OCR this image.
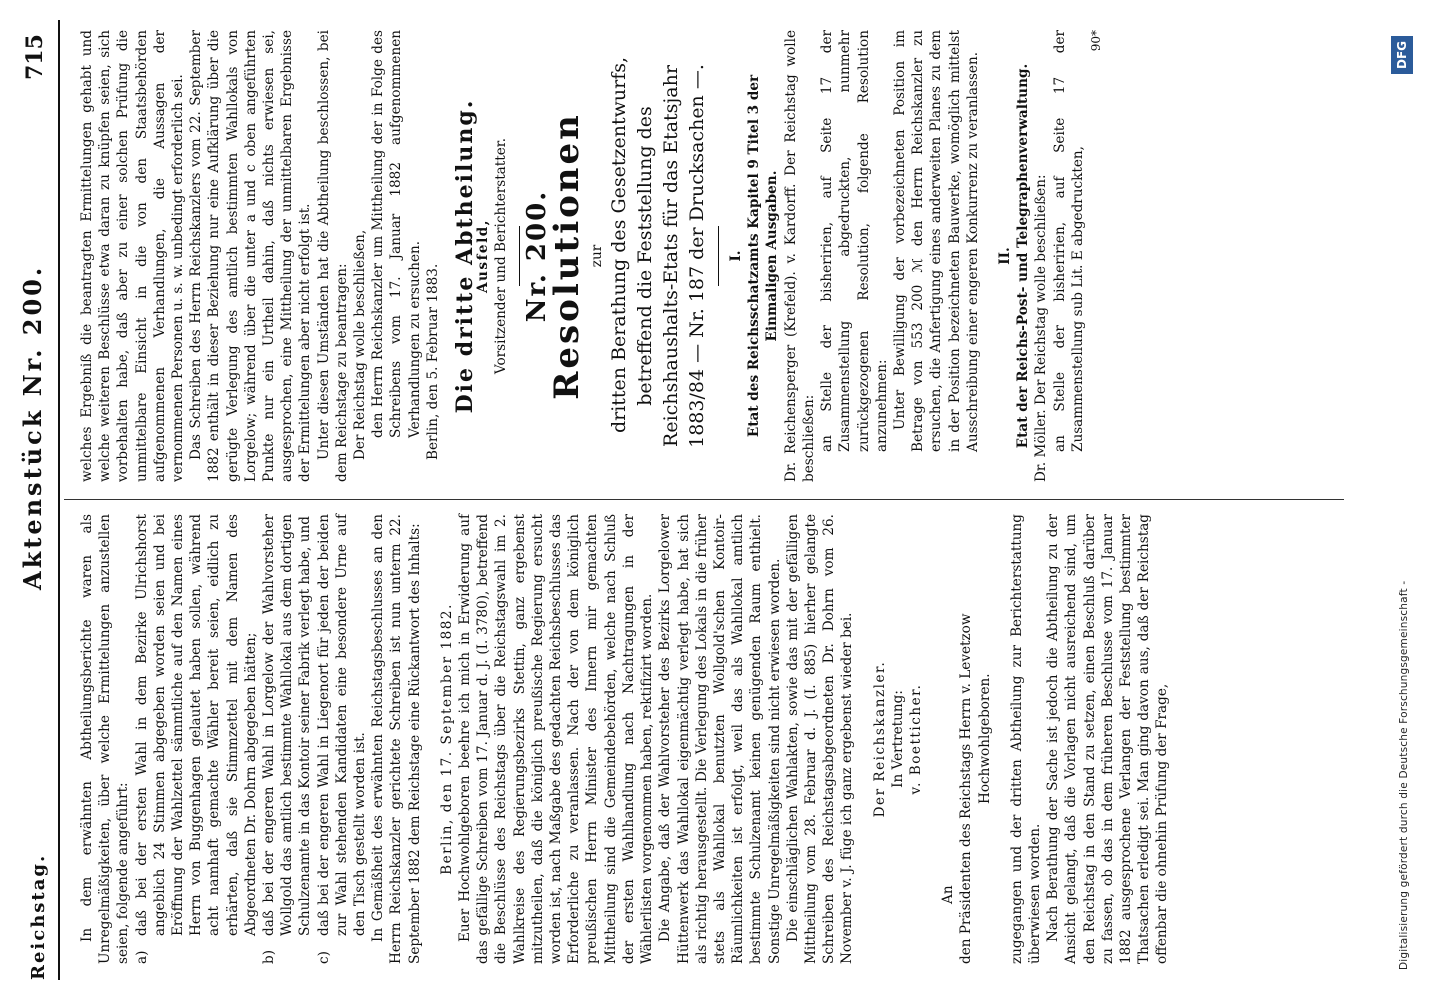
Reichstag.
Aktenstück Nr. 200.
715

In dem erwähnten Abtheilungsberichte waren als Unregelmäßigkeiten, über welche Ermittelungen anzustellen seien, folgende angeführt: a)
daß bei der ersten Wahl in dem Bezirke Ulrichshorst angeblich 24 Stimmen abgegeben worden seien und bei Eröffnung der Wahlzettel sämmtliche auf den Namen eines Herrn von Buggenhagen gelautet haben sollen, während acht namhaft gemachte Wähler bereit seien, eidlich zu erhärten, daß sie Stimmzettel mit dem Namen des Abgeordneten Dr. Dohrn abgegeben hätten;
b)
daß bei der engeren Wahl in Lorgelow der Wahlvorsteher Wollgold das amtlich bestimmte Wahllokal aus dem dortigen Schulzenamte in das Kontoir seiner Fabrik verlegt habe, und
c)
daß bei der engeren Wahl in Liegenort für jeden der beiden zur Wahl stehenden Kandidaten eine besondere Urne auf den Tisch gestellt worden ist. In Gemäßheit des erwähnten Reichstagsbeschlusses an den Herrn Reichskanzler gerichtete Schreiben ist nun unterm 22. September 1882 dem Reichstage eine Rückantwort des Inhalts: Berlin, den 17. September 1882. Euer Hochwohlgeboren beehre ich mich in Erwiderung auf das gefällige Schreiben vom 17. Januar d. J. (I. 3780), betreffend die Beschlüsse des Reichstags über die Reichstagswahl im 2. Wahlkreise des Regierungsbezirks Stettin, ganz ergebenst mitzutheilen, daß die königlich preußische Regierung ersucht worden ist, nach Maßgabe des gedachten Reichsbeschlusses das Erforderliche zu veranlassen. Nach der von dem königlich preußischen Herrn Minister des Innern mir gemachten Mittheilung sind die Gemeindebehörden, welche nach Schluß der ersten Wahlhandlung nach Nachtragungen in der Wählerlisten vorgenommen haben, rektifizirt worden. Die Angabe, daß der Wahlvorsteher des Bezirks Lorgelower Hüttenwerk das Wahllokal eigenmächtig verlegt habe, hat sich als richtig herausgestellt. Die Verlegung des Lokals in die früher stets als Wahllokal benutzten Wollgold'schen Kontoir-Räumlichkeiten ist erfolgt, weil das als Wahllokal amtlich bestimmte Schulzenamt keinen genügenden Raum enthielt. Sonstige Unregelmäßigkeiten sind nicht erwiesen worden. Die einschläglichen Wahlakten, sowie das mit der gefälligen Mittheilung vom 28. Februar d. J. (I. 885) hierher gelangte Schreiben des Reichstagsabgeordneten Dr. Dohrn vom 26. November v. J. füge ich ganz ergebenst wieder bei. Der Reichskanzler. In Vertretung: v. Boetticher.

An den Präsidenten des Reichstags Herrn v. Levetzow Hochwohlgeboren. zugegangen und der dritten Abtheilung zur Berichterstattung überwiesen worden. Nach Berathung der Sache ist jedoch die Abtheilung zu der Ansicht gelangt, daß die Vorlagen nicht ausreichend sind, um den Reichstag in den Stand zu setzen, einen Beschluß darüber zu fassen, ob das in dem früheren Beschlusse vom 17. Januar 1882 ausgesprochene Verlangen der Feststellung bestimmter Thatsachen erledigt sei. Man ging davon aus, daß der Reichstag offenbar die ohnehin Prüfung der Frage,

welches Ergebniß die beantragten Ermittelungen gehabt und welche weiteren Beschlüsse etwa daran zu knüpfen seien, sich vorbehalten habe, daß aber zu einer solchen Prüfung die unmittelbare Einsicht in die von den Staatsbehörden aufgenommenen Verhandlungen, die Aussagen der vernommenen Personen u. s. w. unbedingt erforderlich sei. Das Schreiben des Herrn Reichskanzlers vom 22. September 1882 enthält in dieser Beziehung nur eine Aufklärung über die gerügte Verlegung des amtlich bestimmten Wahllokals von Lorgelow; während über die unter a und c oben angeführten Punkte nur ein Urtheil dahin, daß nichts erwiesen sei, ausgesprochen, eine Mittheilung der unmittelbaren Ergebnisse der Ermittelungen aber nicht erfolgt ist. Unter diesen Umständen hat die Abtheilung beschlossen, bei dem Reichstage zu beantragen: Der Reichstag wolle beschließen, den Herrn Reichskanzler um Mittheilung der in Folge des Schreibens vom 17. Januar 1882 aufgenommenen Verhandlungen zu ersuchen. Berlin, den 5. Februar 1883. Die dritte Abtheilung.

Ausfeld, Vorsitzender und Berichterstatter. Nr. 200.

Resolutionen zur dritten Berathung des Gesetzentwurfs, betreffend die Feststellung des Reichshaushalts-Etats für das Etatsjahr 1883/84 — Nr. 187 der Drucksachen —. I. Etat des Reichsschatzamts Kapitel 9 Titel 3 der Einmaligen Ausgaben. Dr. Reichensperger (Krefeld). v. Kardorff. Der Reichstag wolle beschließen: an Stelle der bisheririen, auf Seite 17 der Zusammenstellung abgedruckten, nunmehr zurückgezogenen Resolution, folgende Resolution anzunehmen: Unter Bewilligung der vorbezeichneten Position im Betrage von 553 200 ℳ den Herrn Reichskanzler zu ersuchen, die Anfertigung eines anderweiten Planes zu dem in der Position bezeichneten Bauwerke, womöglich mittelst Ausschreibung einer engeren Konkurrenz zu veranlassen. II. Etat der Reichs-Post- und Telegraphenverwaltung. Dr. Möller. Der Reichstag wolle beschließen: an Stelle der bisheririen, auf Seite 17 der Zusammenstellung sub Lit. E abgedruckten,

90*

Digitalisierung gefördert durch die Deutsche Forschungsgemeinschaft -
DFG
